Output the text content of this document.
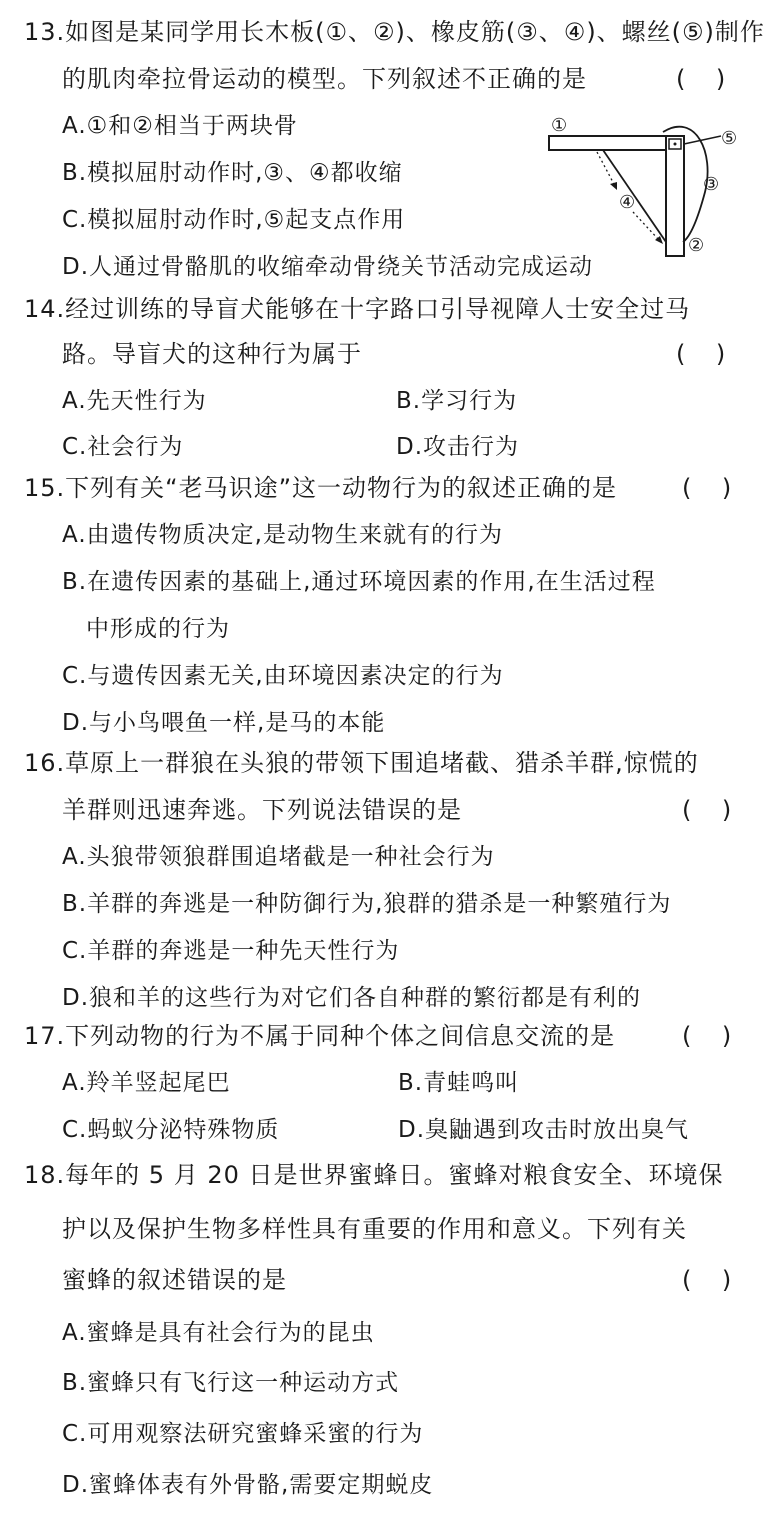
13.如图是某同学用长木板(①、②)、橡皮筋(③、④)、螺丝(⑤)制作
的肌肉牵拉骨运动的模型。下列叙述不正确的是	(    )
A.①和②相当于两块骨
B.模拟屈肘动作时,③、④都收缩
C.模拟屈肘动作时,⑤起支点作用
D.人通过骨骼肌的收缩牵动骨绕关节活动完成运动
①
⑤
③
④
②
14.经过训练的导盲犬能够在十字路口引导视障人士安全过马
路。导盲犬的这种行为属于	(    )
A.先天性行为	B.学习行为
C.社会行为	D.攻击行为
15.下列有关“老马识途”这一动物行为的叙述正确的是	(    )
A.由遗传物质决定,是动物生来就有的行为
B.在遗传因素的基础上,通过环境因素的作用,在生活过程
中形成的行为
C.与遗传因素无关,由环境因素决定的行为
D.与小鸟喂鱼一样,是马的本能
16.草原上一群狼在头狼的带领下围追堵截、猎杀羊群,惊慌的
羊群则迅速奔逃。下列说法错误的是	(    )
A.头狼带领狼群围追堵截是一种社会行为
B.羊群的奔逃是一种防御行为,狼群的猎杀是一种繁殖行为
C.羊群的奔逃是一种先天性行为
D.狼和羊的这些行为对它们各自种群的繁衍都是有利的
17.下列动物的行为不属于同种个体之间信息交流的是	(    )
A.羚羊竖起尾巴	B.青蛙鸣叫
C.蚂蚁分泌特殊物质	D.臭鼬遇到攻击时放出臭气
18.每年的 5 月 20 日是世界蜜蜂日。蜜蜂对粮食安全、环境保
护以及保护生物多样性具有重要的作用和意义。下列有关
蜜蜂的叙述错误的是	(    )
A.蜜蜂是具有社会行为的昆虫
B.蜜蜂只有飞行这一种运动方式
C.可用观察法研究蜜蜂采蜜的行为
D.蜜蜂体表有外骨骼,需要定期蜕皮
